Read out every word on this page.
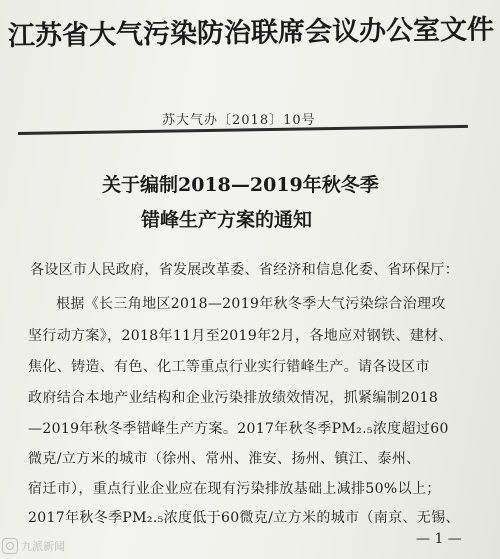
江苏省大气污染防治联席会议办公室文件
苏大气办〔2018〕10号
关于编制2018—2019年秋冬季
错峰生产方案的通知
各设区市人民政府，省发展改革委、省经济和信息化委、省环保厅：
根据《长三角地区2018—2019年秋冬季大气污染综合治理攻
坚行动方案》，2018年11月至2019年2月，各地应对钢铁、建材、
焦化、铸造、有色、化工等重点行业实行错峰生产。请各设区市
政府结合本地产业结构和企业污染排放绩效情况，抓紧编制2018
—2019年秋冬季错峰生产方案。2017年秋冬季PM₂.₅浓度超过60
微克/立方米的城市（徐州、常州、淮安、扬州、镇江、泰州、
宿迁市），重点行业企业应在现有污染排放基础上减排50%以上；
2017年秋冬季PM₂.₅浓度低于60微克/立方米的城市（南京、无锡、
— 1 —
九派新闻
